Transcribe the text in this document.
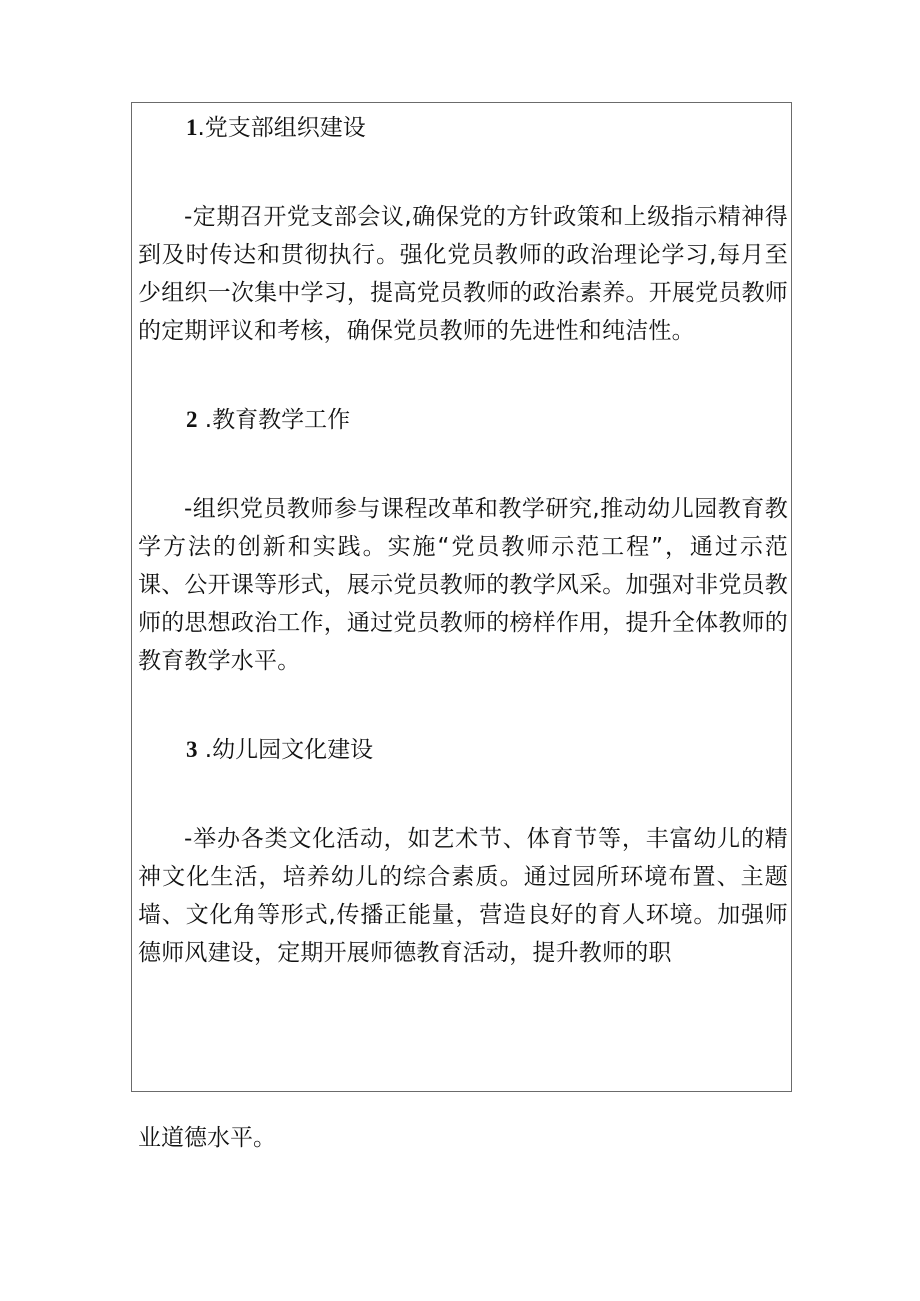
1.党支部组织建设
-定期召开党支部会议,确保党的方针政策和上级指示精神得到及时传达和贯彻执行。强化党员教师的政治理论学习,每月至少组织一次集中学习，提高党员教师的政治素养。开展党员教师的定期评议和考核，确保党员教师的先进性和纯洁性。
2 .教育教学工作
-组织党员教师参与课程改革和教学研究,推动幼儿园教育教学方法的创新和实践。实施“党员教师示范工程”，通过示范课、公开课等形式，展示党员教师的教学风采。加强对非党员教师的思想政治工作，通过党员教师的榜样作用，提升全体教师的教育教学水平。
3 .幼儿园文化建设
-举办各类文化活动，如艺术节、体育节等，丰富幼儿的精神文化生活，培养幼儿的综合素质。通过园所环境布置、主题墙、文化角等形式,传播正能量，营造良好的育人环境。加强师德师风建设，定期开展师德教育活动，提升教师的职
业道德水平。
